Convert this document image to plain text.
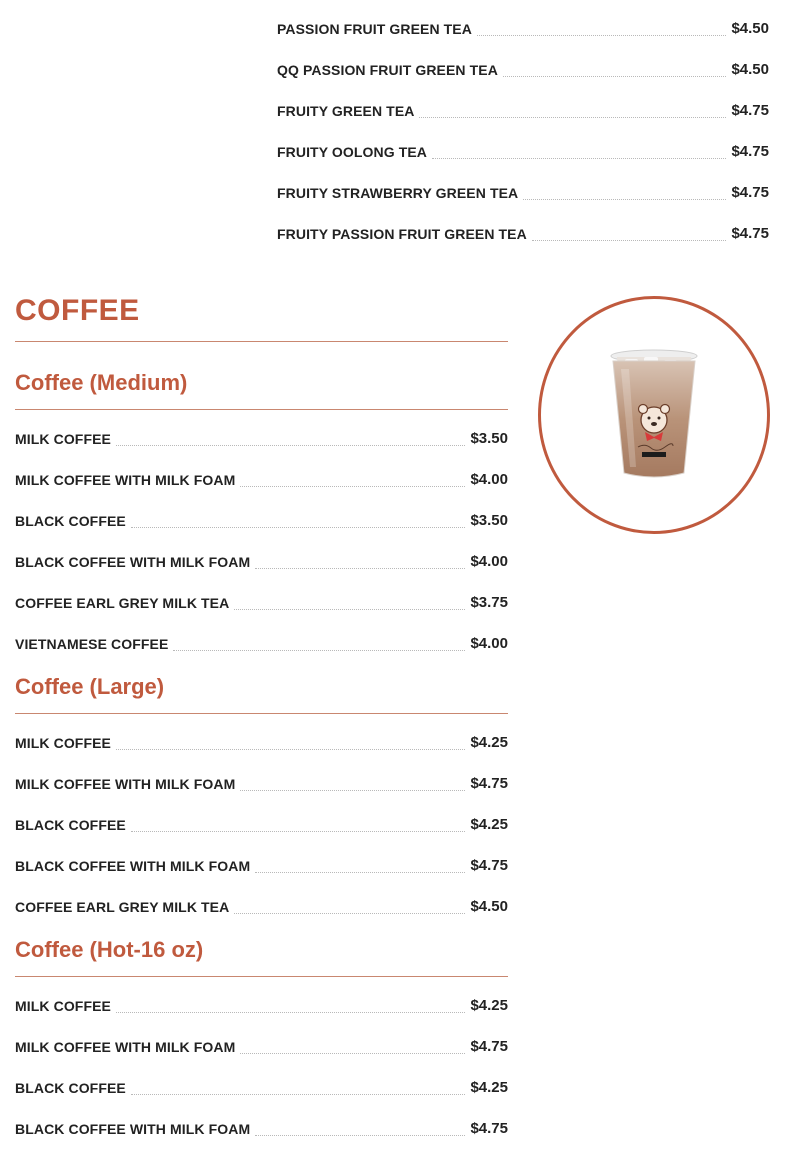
PASSION FRUIT GREEN TEA	$4.50
QQ PASSION FRUIT GREEN TEA	$4.50
FRUITY GREEN TEA	$4.75
FRUITY OOLONG TEA	$4.75
FRUITY STRAWBERRY GREEN TEA	$4.75
FRUITY PASSION FRUIT GREEN TEA	$4.75
COFFEE
Coffee (Medium)
MILK COFFEE	$3.50
MILK COFFEE WITH MILK FOAM	$4.00
BLACK COFFEE	$3.50
BLACK COFFEE WITH MILK FOAM	$4.00
COFFEE EARL GREY MILK TEA	$3.75
VIETNAMESE COFFEE	$4.00
Coffee (Large)
MILK COFFEE	$4.25
MILK COFFEE WITH MILK FOAM	$4.75
BLACK COFFEE	$4.25
BLACK COFFEE WITH MILK FOAM	$4.75
COFFEE EARL GREY MILK TEA	$4.50
Coffee (Hot-16 oz)
MILK COFFEE	$4.25
MILK COFFEE WITH MILK FOAM	$4.75
BLACK COFFEE	$4.25
BLACK COFFEE WITH MILK FOAM	$4.75
